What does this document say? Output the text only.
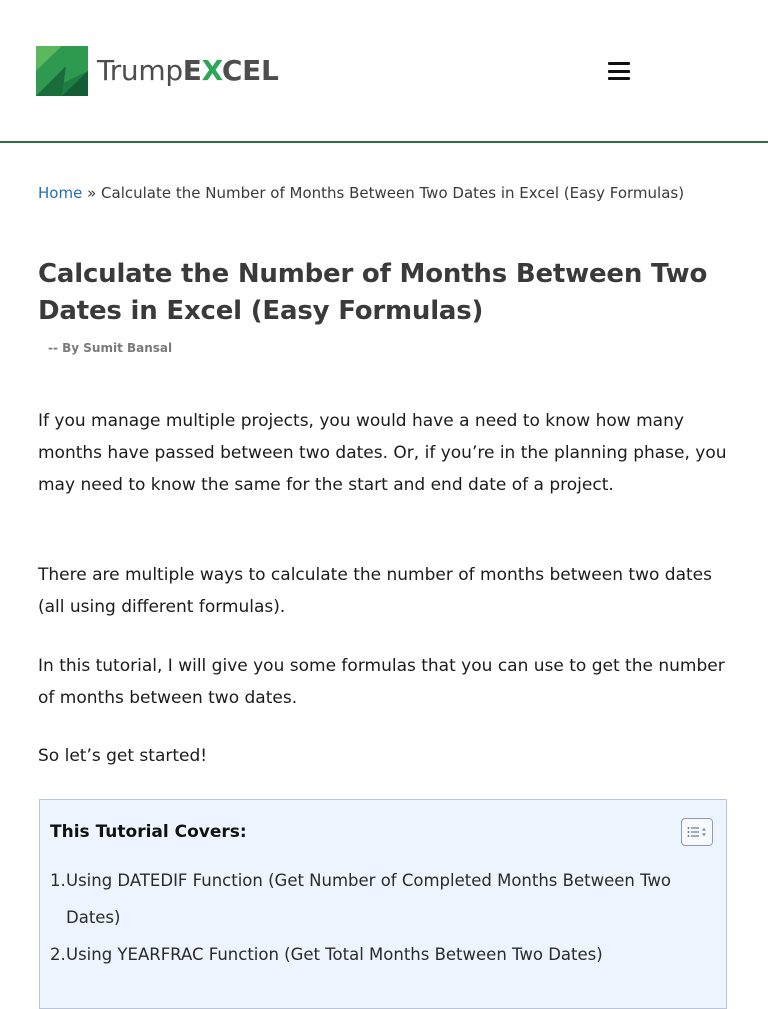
TrumpEXCEL
Home » Calculate the Number of Months Between Two Dates in Excel (Easy Formulas)
Calculate the Number of Months Between Two Dates in Excel (Easy Formulas)
-- By Sumit Bansal

If you manage multiple projects, you would have a need to know how many months have passed between two dates. Or, if you’re in the planning phase, you may need to know the same for the start and end date of a project.

There are multiple ways to calculate the number of months between two dates (all using different formulas).

In this tutorial, I will give you some formulas that you can use to get the number of months between two dates.

So let’s get started!

This Tutorial Covers:
1. Using DATEDIF Function (Get Number of Completed Months Between Two Dates)
2. Using YEARFRAC Function (Get Total Months Between Two Dates)
